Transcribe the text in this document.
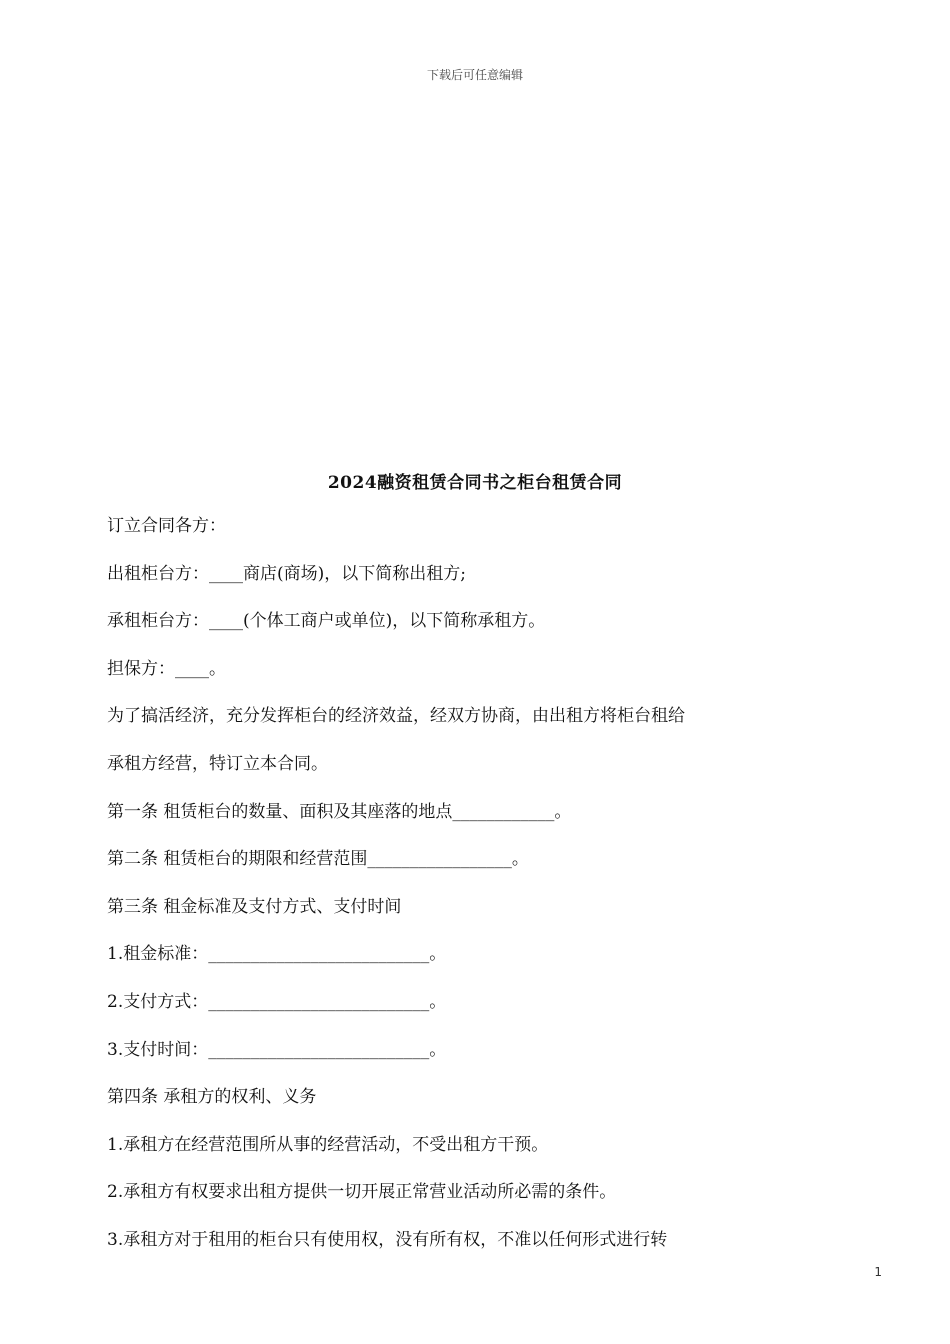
下载后可任意编辑
2024融资租赁合同书之柜台租赁合同
订立合同各方：
出租柜台方：____商店(商场)，以下简称出租方;
承租柜台方：____(个体工商户或单位)，以下简称承租方。
担保方：____。
为了搞活经济，充分发挥柜台的经济效益，经双方协商，由出租方将柜台租给
承租方经营，特订立本合同。
第一条 租赁柜台的数量、面积及其座落的地点____________。
第二条 租赁柜台的期限和经营范围_________________。
第三条 租金标准及支付方式、支付时间
1.租金标准：__________________________。
2.支付方式：__________________________。
3.支付时间：__________________________。
第四条 承租方的权利、义务
1.承租方在经营范围所从事的经营活动，不受出租方干预。
2.承租方有权要求出租方提供一切开展正常营业活动所必需的条件。
3.承租方对于租用的柜台只有使用权，没有所有权，不准以任何形式进行转
1
